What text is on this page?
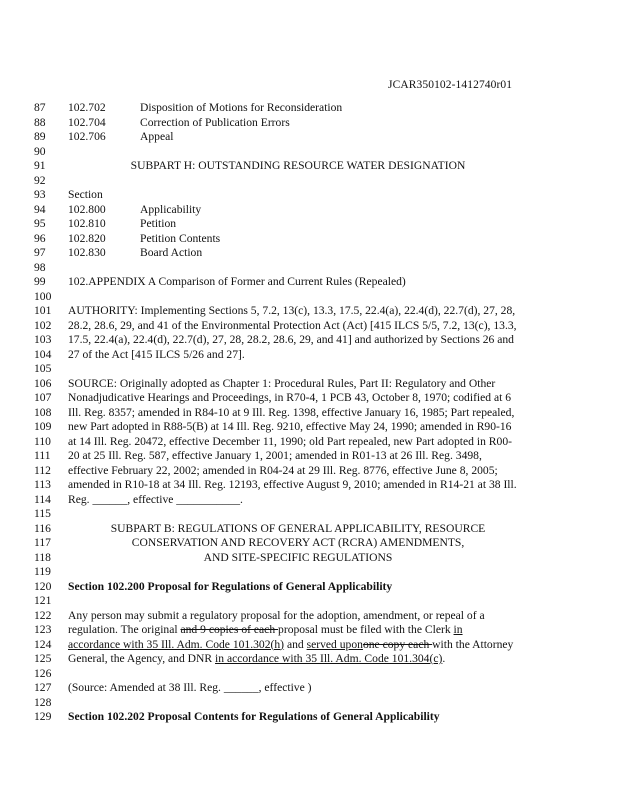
JCAR350102-1412740r01
87	102.702	Disposition of Motions for Reconsideration
88	102.704	Correction of Publication Errors
89	102.706	Appeal
90
91	SUBPART H: OUTSTANDING RESOURCE WATER DESIGNATION
92
93	Section
94	102.800	Applicability
95	102.810	Petition
96	102.820	Petition Contents
97	102.830	Board Action
98
99	102.APPENDIX A Comparison of Former and Current Rules (Repealed)
100
101	AUTHORITY: Implementing Sections 5, 7.2, 13(c), 13.3, 17.5, 22.4(a), 22.4(d), 22.7(d), 27, 28,
102	28.2, 28.6, 29, and 41 of the Environmental Protection Act (Act) [415 ILCS 5/5, 7.2, 13(c), 13.3,
103	17.5, 22.4(a), 22.4(d), 22.7(d), 27, 28, 28.2, 28.6, 29, and 41] and authorized by Sections 26 and
104	27 of the Act [415 ILCS 5/26 and 27].
105
106	SOURCE: Originally adopted as Chapter 1: Procedural Rules, Part II: Regulatory and Other
107	Nonadjudicative Hearings and Proceedings, in R70-4, 1 PCB 43, October 8, 1970; codified at 6
108	Ill. Reg. 8357; amended in R84-10 at 9 Ill. Reg. 1398, effective January 16, 1985; Part repealed,
109	new Part adopted in R88-5(B) at 14 Ill. Reg. 9210, effective May 24, 1990; amended in R90-16
110	at 14 Ill. Reg. 20472, effective December 11, 1990; old Part repealed, new Part adopted in R00-
111	20 at 25 Ill. Reg. 587, effective January 1, 2001; amended in R01-13 at 26 Ill. Reg. 3498,
112	effective February 22, 2002; amended in R04-24 at 29 Ill. Reg. 8776, effective June 8, 2005;
113	amended in R10-18 at 34 Ill. Reg. 12193, effective August 9, 2010; amended in R14-21 at 38 Ill.
114	Reg. ______, effective ___________.
115
116	SUBPART B: REGULATIONS OF GENERAL APPLICABILITY, RESOURCE
117	CONSERVATION AND RECOVERY ACT (RCRA) AMENDMENTS,
118	AND SITE-SPECIFIC REGULATIONS
119
120	Section 102.200 Proposal for Regulations of General Applicability
121
122	Any person may submit a regulatory proposal for the adoption, amendment, or repeal of a
123	regulation. The original and 9 copies of each proposal must be filed with the Clerk in
124	accordance with 35 Ill. Adm. Code 101.302(h) and served uponone copy each with the Attorney
125	General, the Agency, and DNR in accordance with 35 Ill. Adm. Code 101.304(c).
126
127	(Source: Amended at 38 Ill. Reg. ______, effective )
128
129	Section 102.202 Proposal Contents for Regulations of General Applicability
